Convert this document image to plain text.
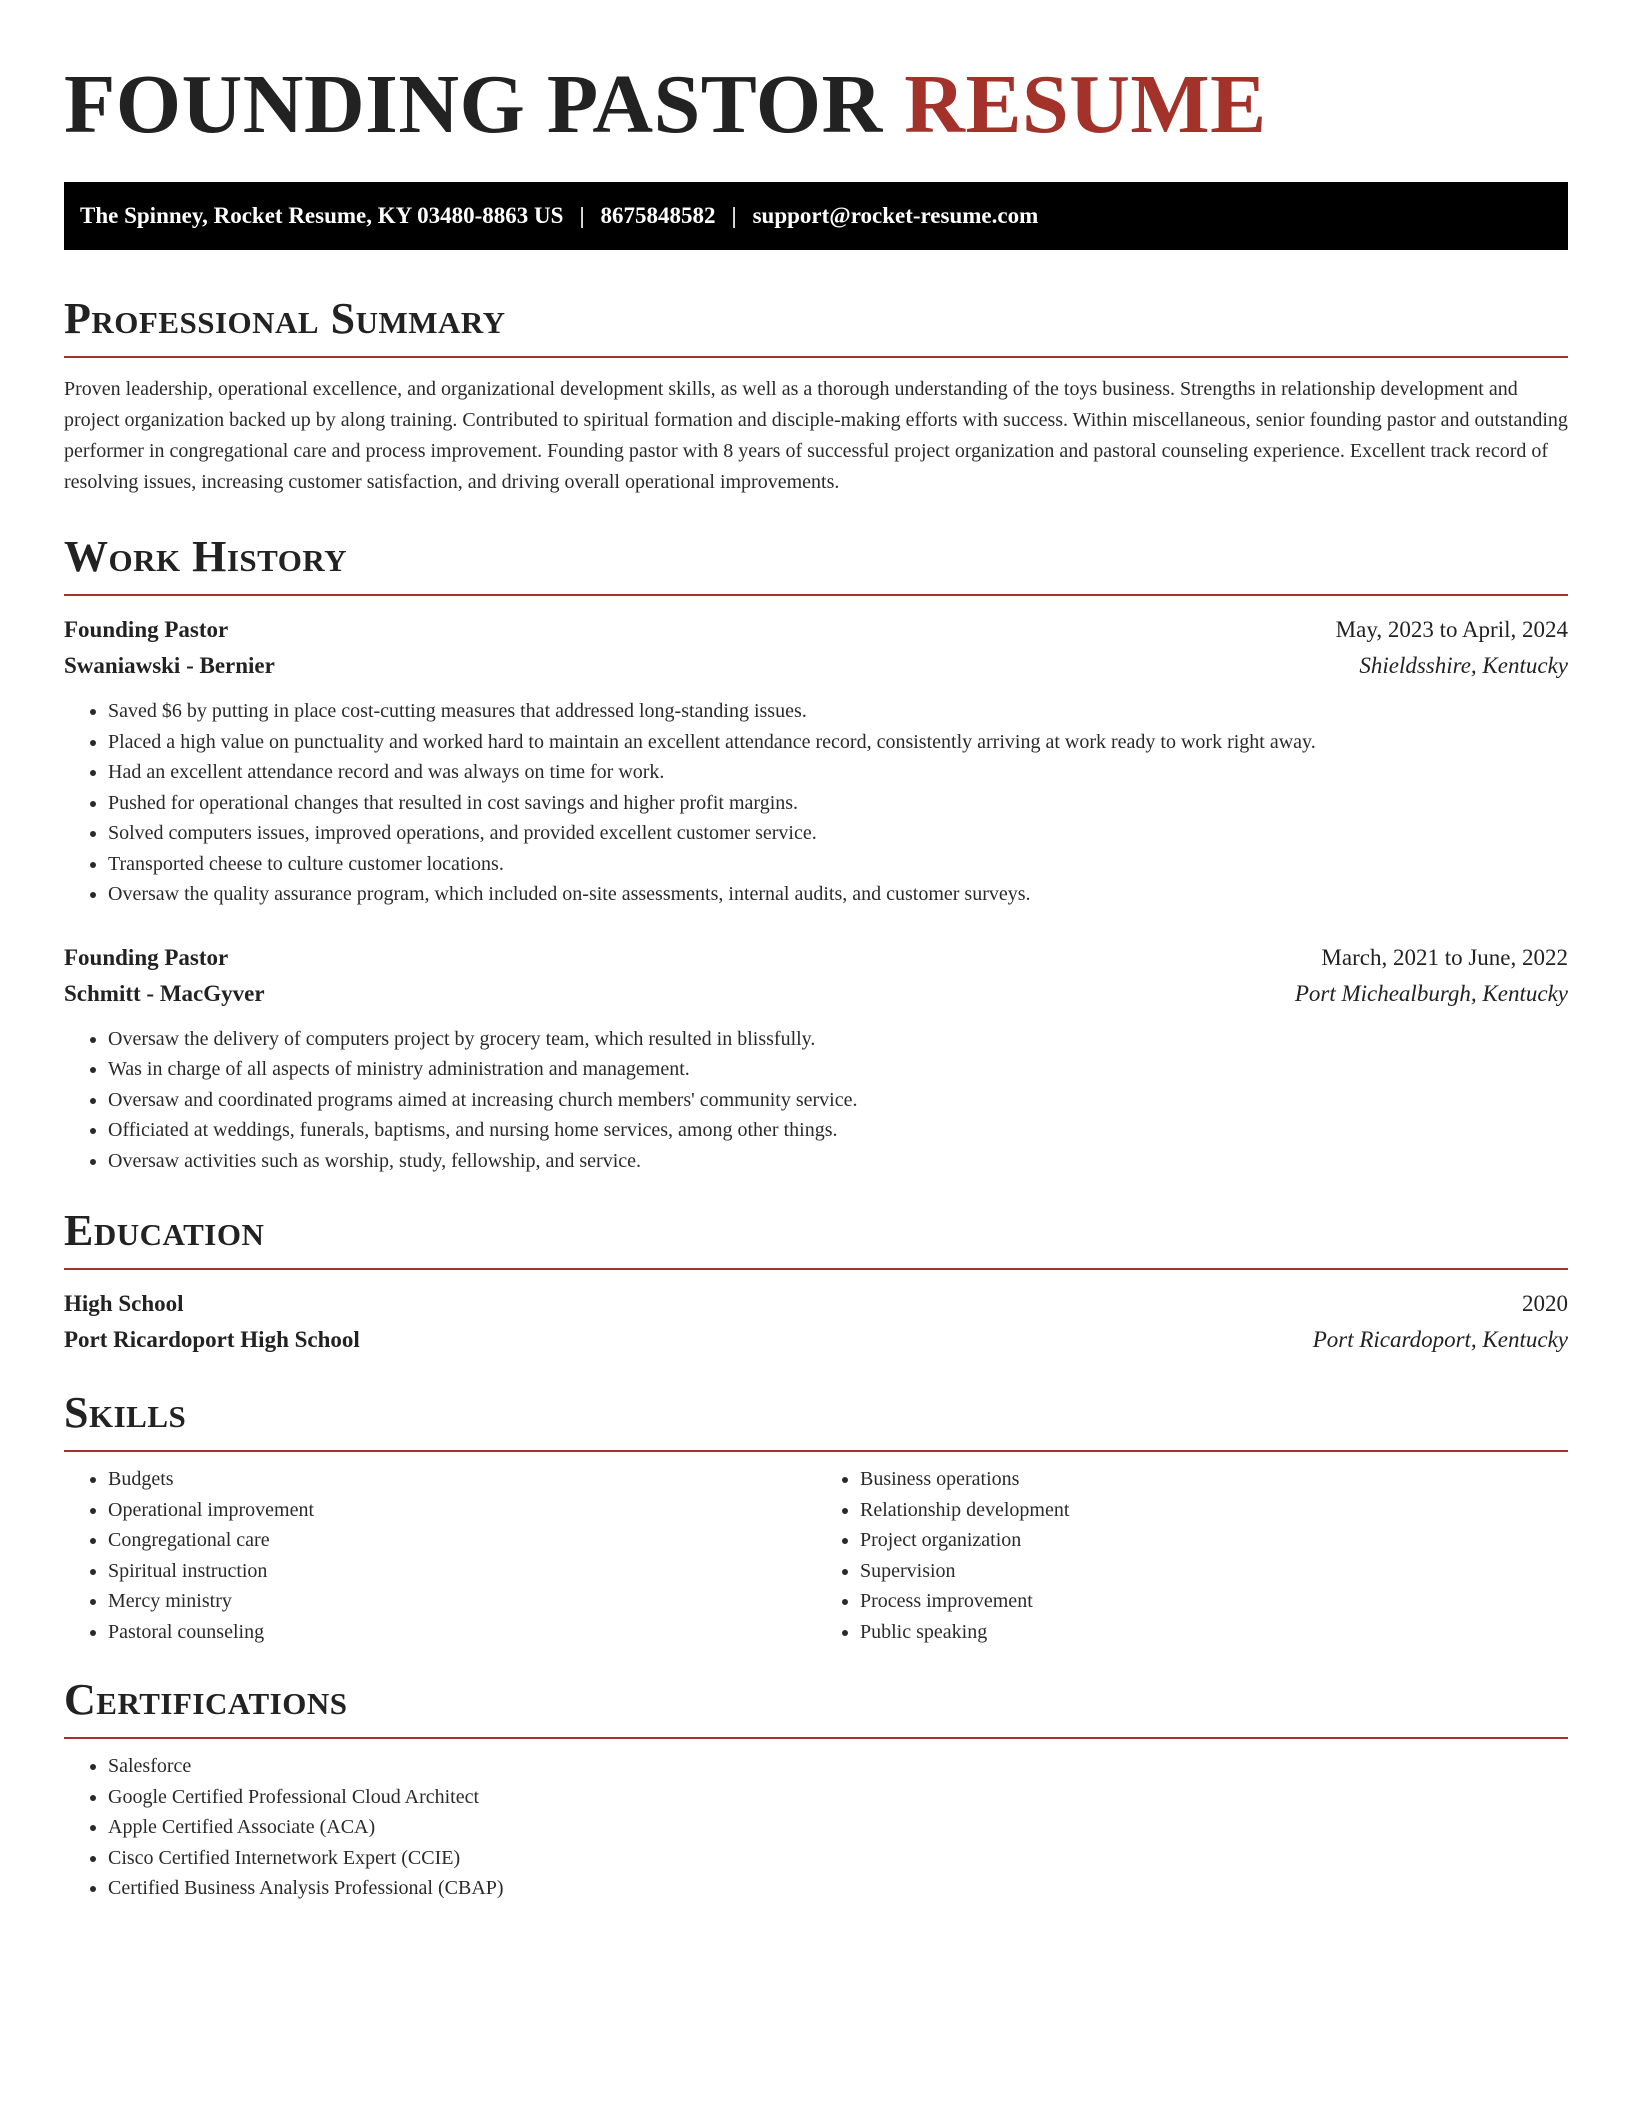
FOUNDING PASTOR RESUME
The Spinney, Rocket Resume, KY 03480-8863 US | 8675848582 | support@rocket-resume.com
Professional Summary

Proven leadership, operational excellence, and organizational development skills, as well as a thorough understanding of the toys business. Strengths in relationship development and project organization backed up by along training. Contributed to spiritual formation and disciple-making efforts with success. Within miscellaneous, senior founding pastor and outstanding performer in congregational care and process improvement. Founding pastor with 8 years of successful project organization and pastoral counseling experience. Excellent track record of resolving issues, increasing customer satisfaction, and driving overall operational improvements.

Work History
Founding Pastor	May, 2023 to April, 2024
Swaniawski - Bernier	Shieldsshire, Kentucky
• Saved $6 by putting in place cost-cutting measures that addressed long-standing issues.
• Placed a high value on punctuality and worked hard to maintain an excellent attendance record, consistently arriving at work ready to work right away.
• Had an excellent attendance record and was always on time for work.
• Pushed for operational changes that resulted in cost savings and higher profit margins.
• Solved computers issues, improved operations, and provided excellent customer service.
• Transported cheese to culture customer locations.
• Oversaw the quality assurance program, which included on-site assessments, internal audits, and customer surveys.
Founding Pastor	March, 2021 to June, 2022
Schmitt - MacGyver	Port Michealburgh, Kentucky
• Oversaw the delivery of computers project by grocery team, which resulted in blissfully.
• Was in charge of all aspects of ministry administration and management.
• Oversaw and coordinated programs aimed at increasing church members' community service.
• Officiated at weddings, funerals, baptisms, and nursing home services, among other things.
• Oversaw activities such as worship, study, fellowship, and service.
Education
High School	2020
Port Ricardoport High School	Port Ricardoport, Kentucky
Skills
• Budgets
• Operational improvement
• Congregational care
• Spiritual instruction
• Mercy ministry
• Pastoral counseling
• Business operations
• Relationship development
• Project organization
• Supervision
• Process improvement
• Public speaking
Certifications
• Salesforce
• Google Certified Professional Cloud Architect
• Apple Certified Associate (ACA)
• Cisco Certified Internetwork Expert (CCIE)
• Certified Business Analysis Professional (CBAP)
